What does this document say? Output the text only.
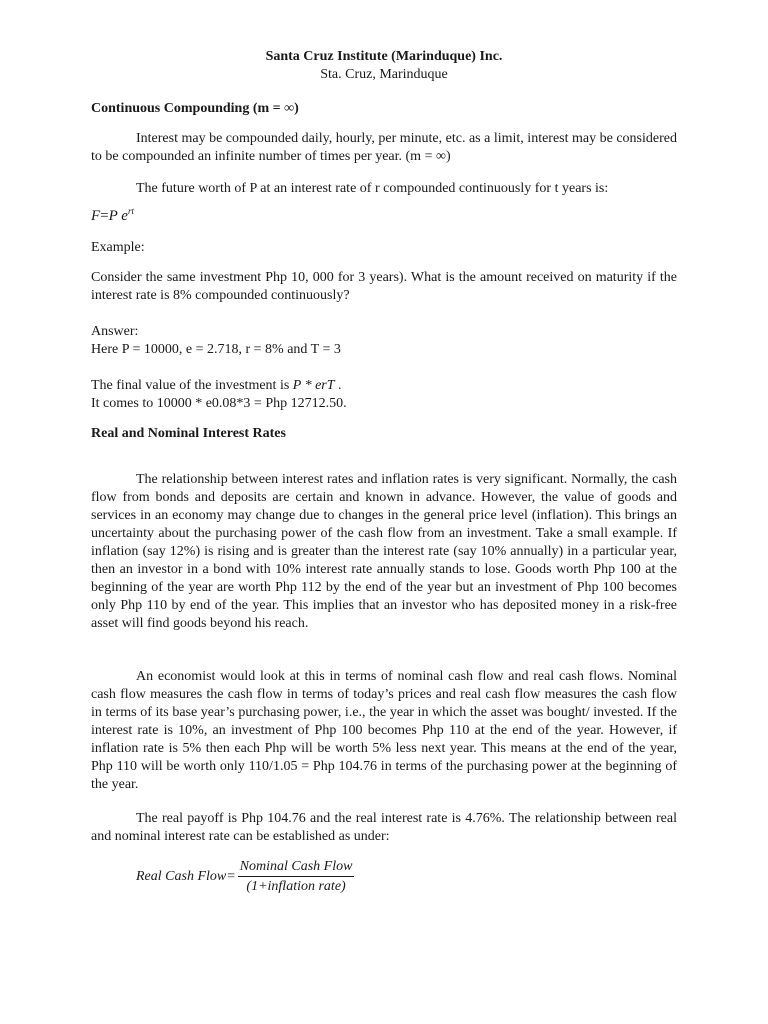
Santa Cruz Institute (Marinduque) Inc.
Sta. Cruz, Marinduque
Continuous Compounding (m = ∞)

Interest may be compounded daily, hourly, per minute, etc. as a limit, interest may be considered to be compounded an infinite number of times per year. (m = ∞)

The future worth of P at an interest rate of r compounded continuously for t years is:

F=P $e^{rt}$
Example:

Consider the same investment Php 10, 000 for 3 years). What is the amount received on maturity if the interest rate is 8% compounded continuously?

Answer:
Here P = 10000, e = 2.718, r = 8% and T = 3
The final value of the investment is P * erT .
It comes to 10000 * e0.08*3 = Php 12712.50.
Real and Nominal Interest Rates

The relationship between interest rates and inflation rates is very significant. Normally, the cash flow from bonds and deposits are certain and known in advance. However, the value of goods and services in an economy may change due to changes in the general price level (inflation). This brings an uncertainty about the purchasing power of the cash flow from an investment. Take a small example. If inflation (say 12%) is rising and is greater than the interest rate (say 10% annually) in a particular year, then an investor in a bond with 10% interest rate annually stands to lose. Goods worth Php 100 at the beginning of the year are worth Php 112 by the end of the year but an investment of Php 100 becomes only Php 110 by end of the year. This implies that an investor who has deposited money in a risk-free asset will find goods beyond his reach.

An economist would look at this in terms of nominal cash flow and real cash flows. Nominal cash flow measures the cash flow in terms of today’s prices and real cash flow measures the cash flow in terms of its base year’s purchasing power, i.e., the year in which the asset was bought/ invested. If the interest rate is 10%, an investment of Php 100 becomes Php 110 at the end of the year. However, if inflation rate is 5% then each Php will be worth 5% less next year. This means at the end of the year, Php 110 will be worth only 110/1.05 = Php 104.76 in terms of the purchasing power at the beginning of the year.

The real payoff is Php 104.76 and the real interest rate is 4.76%. The relationship between real and nominal interest rate can be established as under:

Real Cash Flow= $\frac{\text{Nominal Cash Flow}}{\text{(1+inflation rate)}}$
